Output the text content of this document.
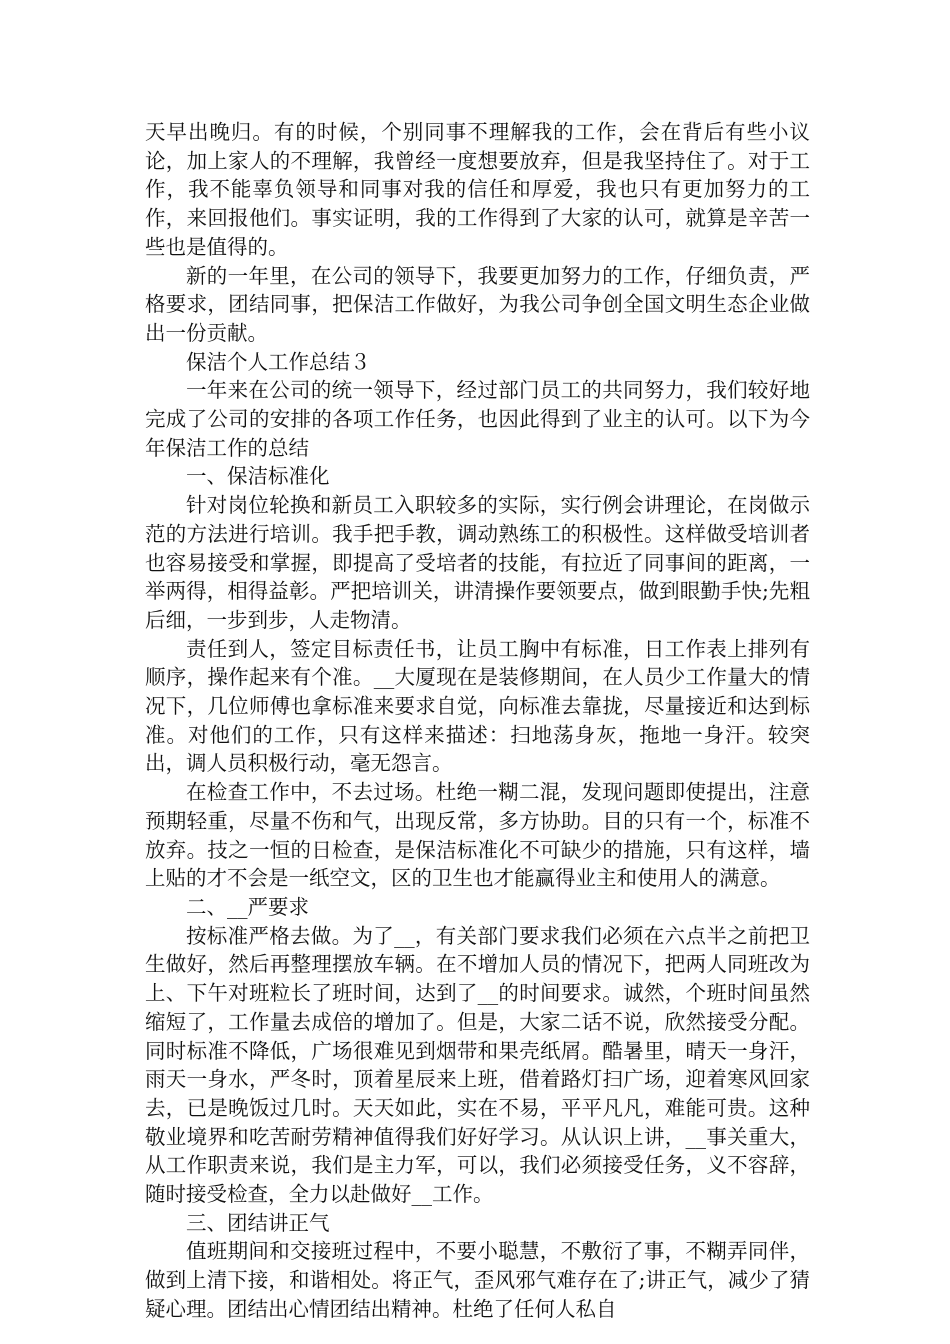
天早出晚归。有的时候，个别同事不理解我的工作，会在背后有些小议论，加上家人的不理解，我曾经一度想要放弃，但是我坚持住了。对于工作，我不能辜负领导和同事对我的信任和厚爱，我也只有更加努力的工作，来回报他们。事实证明，我的工作得到了大家的认可，就算是辛苦一些也是值得的。

新的一年里，在公司的领导下，我要更加努力的工作，仔细负责，严格要求，团结同事，把保洁工作做好，为我公司争创全国文明生态企业做出一份贡献。

保洁个人工作总结３

一年来在公司的统一领导下，经过部门员工的共同努力，我们较好地完成了公司的安排的各项工作任务，也因此得到了业主的认可。以下为今年保洁工作的总结

一、保洁标准化

针对岗位轮换和新员工入职较多的实际，实行例会讲理论，在岗做示范的方法进行培训。我手把手教，调动熟练工的积极性。这样做受培训者也容易接受和掌握，即提高了受培者的技能，有拉近了同事间的距离，一举两得，相得益彰。严把培训关，讲清操作要领要点，做到眼勤手快;先粗后细，一步到步，人走物清。

责任到人，签定目标责任书，让员工胸中有标准，日工作表上排列有顺序，操作起来有个准。__大厦现在是装修期间，在人员少工作量大的情况下，几位师傅也拿标准来要求自觉，向标准去靠拢，尽量接近和达到标准。对他们的工作，只有这样来描述：扫地荡身灰，拖地一身汗。较突出，调人员积极行动，毫无怨言。

在检查工作中，不去过场。杜绝一糊二混，发现问题即使提出，注意预期轻重，尽量不伤和气，出现反常，多方协助。目的只有一个，标准不放弃。技之一恒的日检查，是保洁标准化不可缺少的措施，只有这样，墙上贴的才不会是一纸空文，区的卫生也才能赢得业主和使用人的满意。

二、__严要求

按标准严格去做。为了__，有关部门要求我们必须在六点半之前把卫生做好，然后再整理摆放车辆。在不增加人员的情况下，把两人同班改为上、下午对班粒长了班时间，达到了__的时间要求。诚然，个班时间虽然缩短了，工作量去成倍的增加了。但是，大家二话不说，欣然接受分配。同时标准不降低，广场很难见到烟带和果壳纸屑。酷暑里，晴天一身汗，雨天一身水，严冬时，顶着星辰来上班，借着路灯扫广场，迎着寒风回家去，已是晚饭过几时。天天如此，实在不易，平平凡凡，难能可贵。这种敬业境界和吃苦耐劳精神值得我们好好学习。从认识上讲，__事关重大，从工作职责来说，我们是主力军，可以，我们必须接受任务，义不容辞，随时接受检查，全力以赴做好__工作。

三、团结讲正气

值班期间和交接班过程中，不要小聪慧，不敷衍了事，不糊弄同伴，做到上清下接，和谐相处。将正气，歪风邪气难存在了;讲正气，减少了猜疑心理。团结出心情团结出精神。杜绝了任何人私自
